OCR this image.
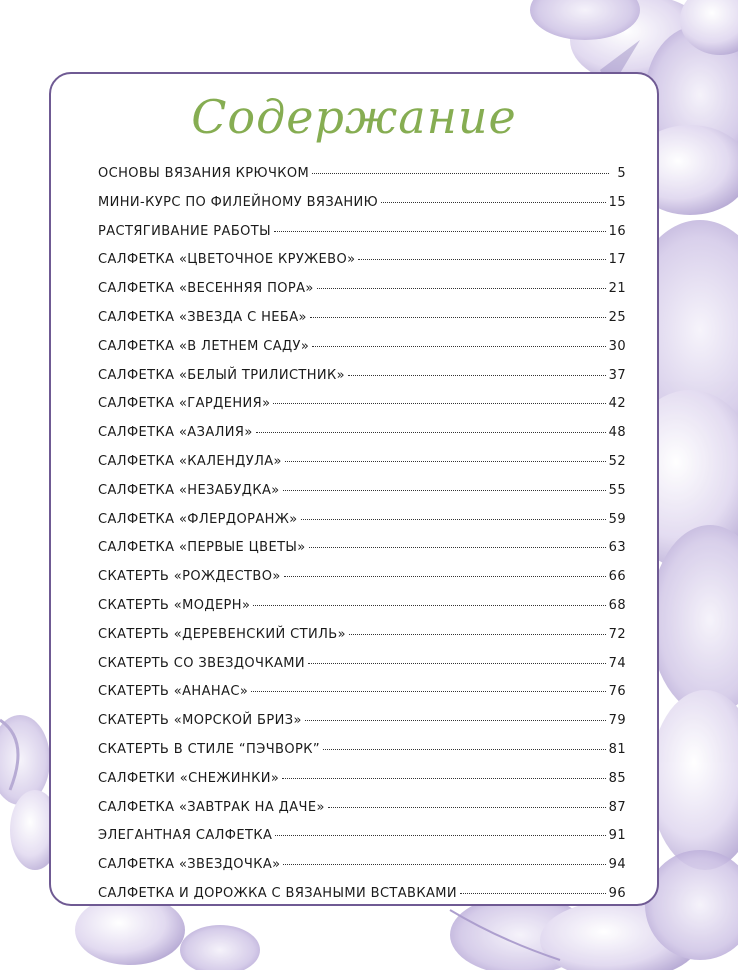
Содержание
ОСНОВЫ ВЯЗАНИЯ КРЮЧКОМ	5
МИНИ-КУРС ПО ФИЛЕЙНОМУ ВЯЗАНИЮ	15
РАСТЯГИВАНИЕ РАБОТЫ	16
САЛФЕТКА «ЦВЕТОЧНОЕ КРУЖЕВО»	17
САЛФЕТКА «ВЕСЕННЯЯ ПОРА»	21
САЛФЕТКА «ЗВЕЗДА С НЕБА»	25
САЛФЕТКА «В ЛЕТНЕМ САДУ»	30
САЛФЕТКА «БЕЛЫЙ ТРИЛИСТНИК»	37
САЛФЕТКА «ГАРДЕНИЯ»	42
САЛФЕТКА «АЗАЛИЯ»	48
САЛФЕТКА «КАЛЕНДУЛА»	52
САЛФЕТКА «НЕЗАБУДКА»	55
САЛФЕТКА «ФЛЕРДОРАНЖ»	59
САЛФЕТКА «ПЕРВЫЕ ЦВЕТЫ»	63
СКАТЕРТЬ «РОЖДЕСТВО»	66
СКАТЕРТЬ «МОДЕРН»	68
СКАТЕРТЬ «ДЕРЕВЕНСКИЙ СТИЛЬ»	72
СКАТЕРТЬ СО ЗВЕЗДОЧКАМИ	74
СКАТЕРТЬ «АНАНАС»	76
СКАТЕРТЬ «МОРСКОЙ БРИЗ»	79
СКАТЕРТЬ В СТИЛЕ “ПЭЧВОРК”	81
САЛФЕТКИ «СНЕЖИНКИ»	85
САЛФЕТКА «ЗАВТРАК НА ДАЧЕ»	87
ЭЛЕГАНТНАЯ САЛФЕТКА	91
САЛФЕТКА «ЗВЕЗДОЧКА»	94
САЛФЕТКА И ДОРОЖКА С ВЯЗАНЫМИ ВСТАВКАМИ	96
